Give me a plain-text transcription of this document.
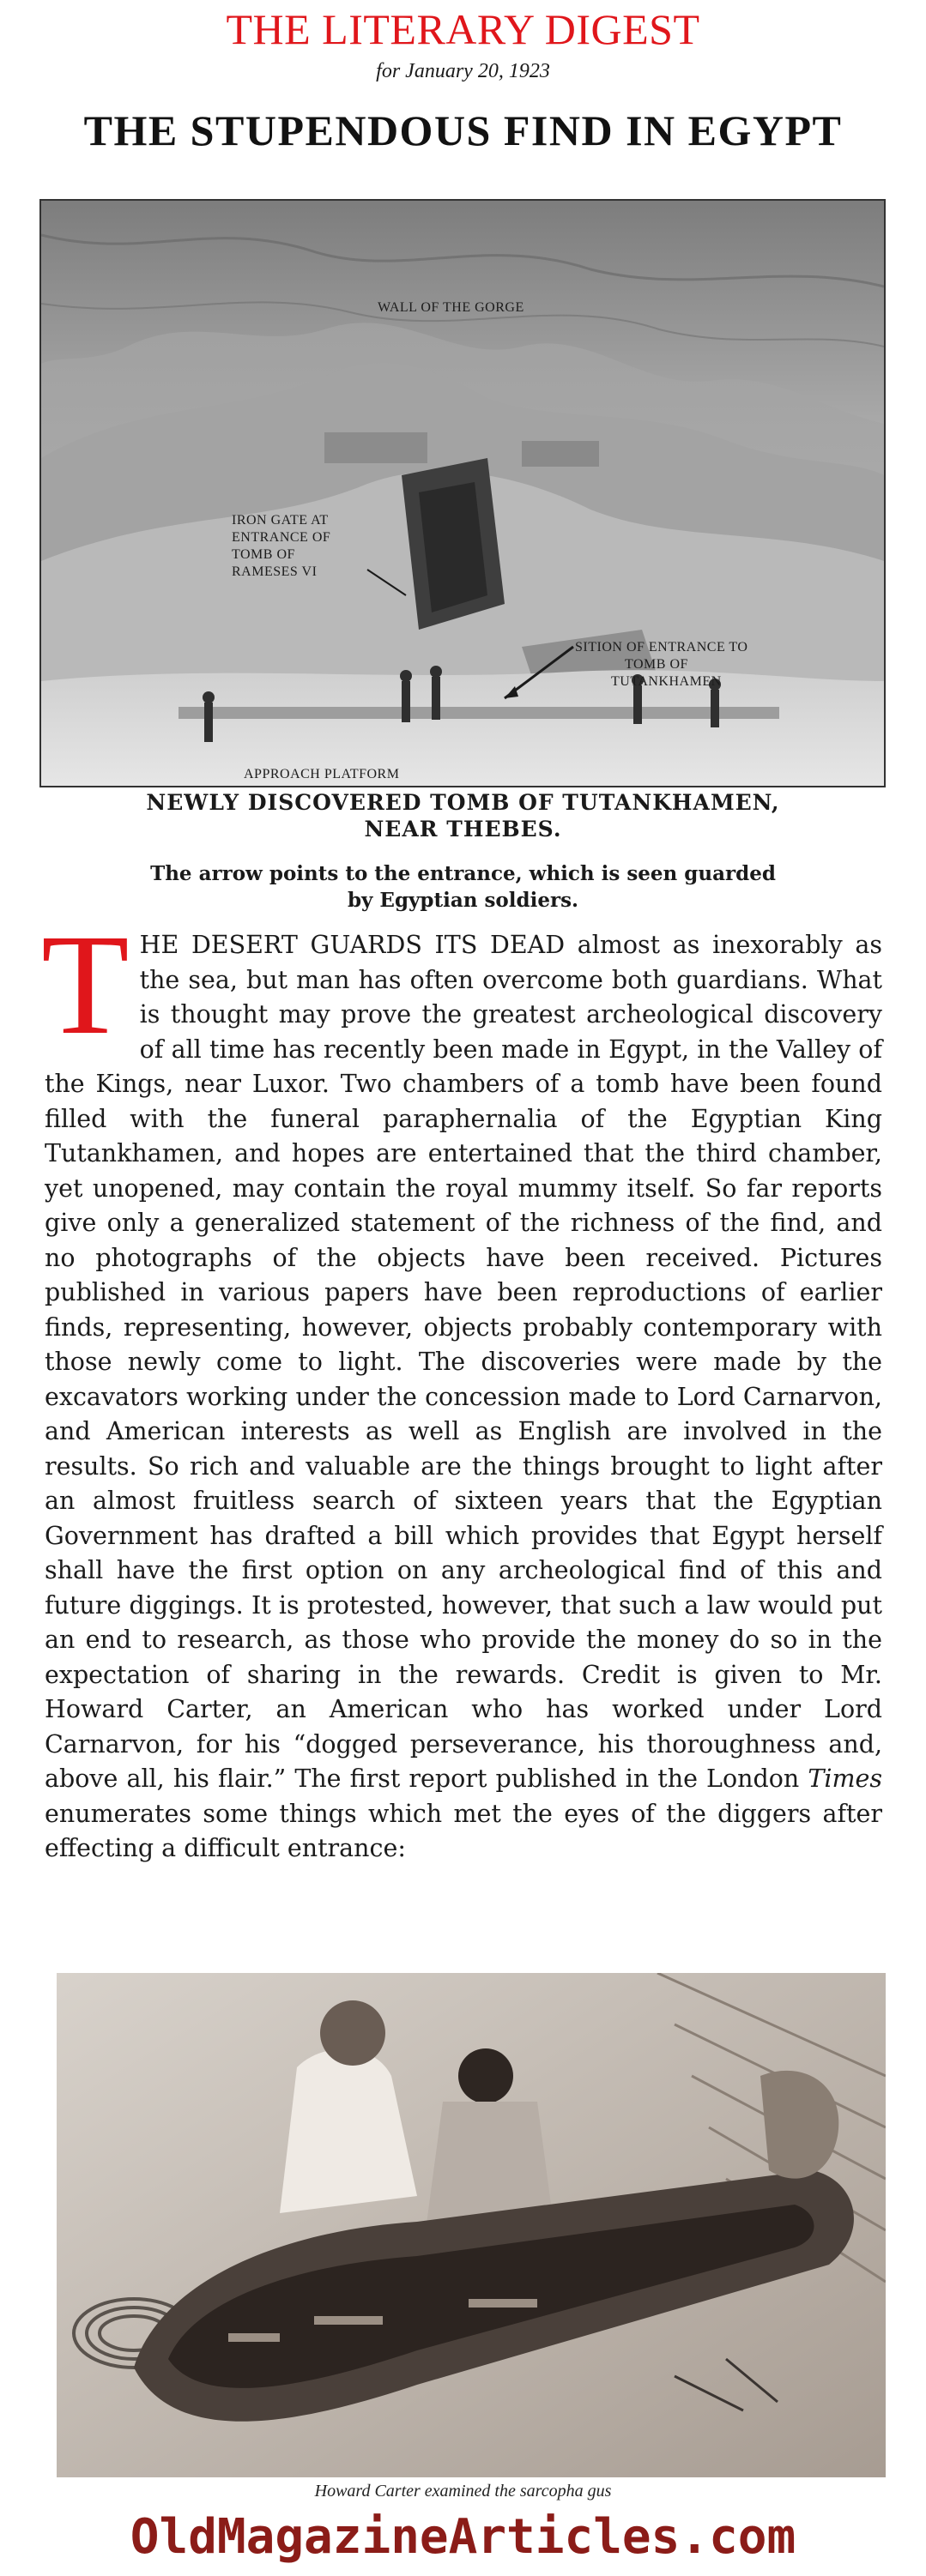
THE LITERARY DIGEST
for January 20, 1923
THE STUPENDOUS FIND IN EGYPT
WALL OF THE GORGE
IRON GATE AT
ENTRANCE OF
TOMB OF
RAMESES VI
SITION OF ENTRANCE TO
TOMB OF
TUTANKHAMEN
APPROACH PLATFORM
NEWLY DISCOVERED TOMB OF TUTANKHAMEN,
NEAR THEBES.
The arrow points to the entrance, which is seen guarded
by Egyptian soldiers.
THE DESERT GUARDS ITS DEAD almost as inexorably as the sea, but man has often overcome both guardians. What is thought may prove the greatest archeological discovery of all time has recently been made in Egypt, in the Valley of the Kings, near Luxor. Two chambers of a tomb have been found filled with the funeral paraphernalia of the Egyptian King Tutankhamen, and hopes are entertained that the third chamber, yet unopened, may contain the royal mummy itself. So far reports give only a generalized statement of the richness of the find, and no photographs of the objects have been received. Pictures published in various papers have been reproductions of earlier finds, representing, however, objects probably contemporary with those newly come to light. The discoveries were made by the excavators working under the concession made to Lord Carnarvon, and American interests as well as English are involved in the results. So rich and valuable are the things brought to light after an almost fruitless search of sixteen years that the Egyptian Government has drafted a bill which provides that Egypt herself shall have the first option on any archeological find of this and future diggings. It is protested, however, that such a law would put an end to research, as those who provide the money do so in the expectation of sharing in the rewards. Credit is given to Mr. Howard Carter, an American who has worked under Lord Carnarvon, for his “dogged perseverance, his thoroughness and, above all, his flair.” The first report published in the London Times enumerates some things which met the eyes of the diggers after effecting a difficult entrance:
Howard Carter examined the sarcopha gus
OldMagazineArticles.com
